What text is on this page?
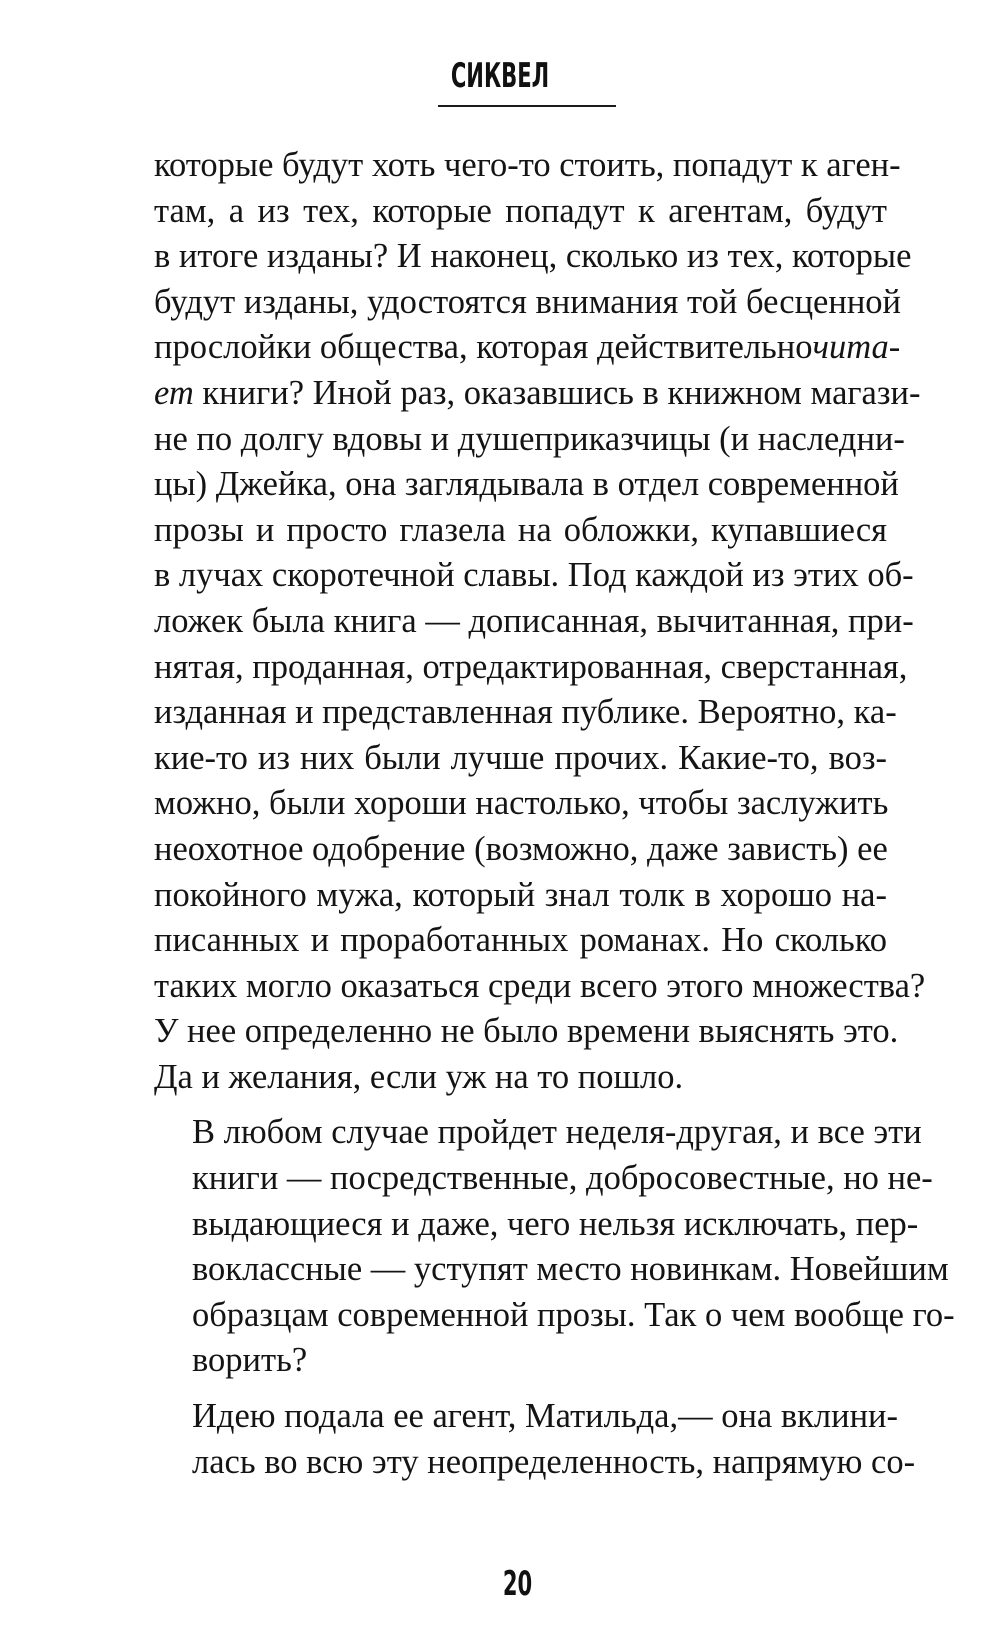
СИКВЕЛ

которые будут хоть чего-то стоить, попадут к аген-
там, а из тех, которые попадут к агентам, будут
в итоге изданы? И наконец, сколько из тех, которые
будут изданы, удостоятся внимания той бесценной
прослойки общества, которая действительно чита-
ет книги? Иной раз, оказавшись в книжном магази-
не по долгу вдовы и душеприказчицы (и наследни-
цы) Джейка, она заглядывала в отдел современной
прозы и просто глазела на обложки, купавшиеся
в лучах скоротечной славы. Под каждой из этих об-
ложек была книга — дописанная, вычитанная, при-
нятая, проданная, отредактированная, сверстанная,
изданная и представленная публике. Вероятно, ка-
кие-то из них были лучше прочих. Какие-то, воз-
можно, были хороши настолько, чтобы заслужить
неохотное одобрение (возможно, даже зависть) ее
покойного мужа, который знал толк в хорошо на-
писанных и проработанных романах. Но сколько
таких могло оказаться среди всего этого множества?
У нее определенно не было времени выяснять это.
Да и желания, если уж на то пошло.

В любом случае пройдет неделя-другая, и все эти
книги — посредственные, добросовестные, но не-
выдающиеся и даже, чего нельзя исключать, пер-
воклассные — уступят место новинкам. Новейшим
образцам современной прозы. Так о чем вообще го-
ворить?

Идею подала ее агент, Матильда,— она вклини-
лась во всю эту неопределенность, напрямую со-

20
